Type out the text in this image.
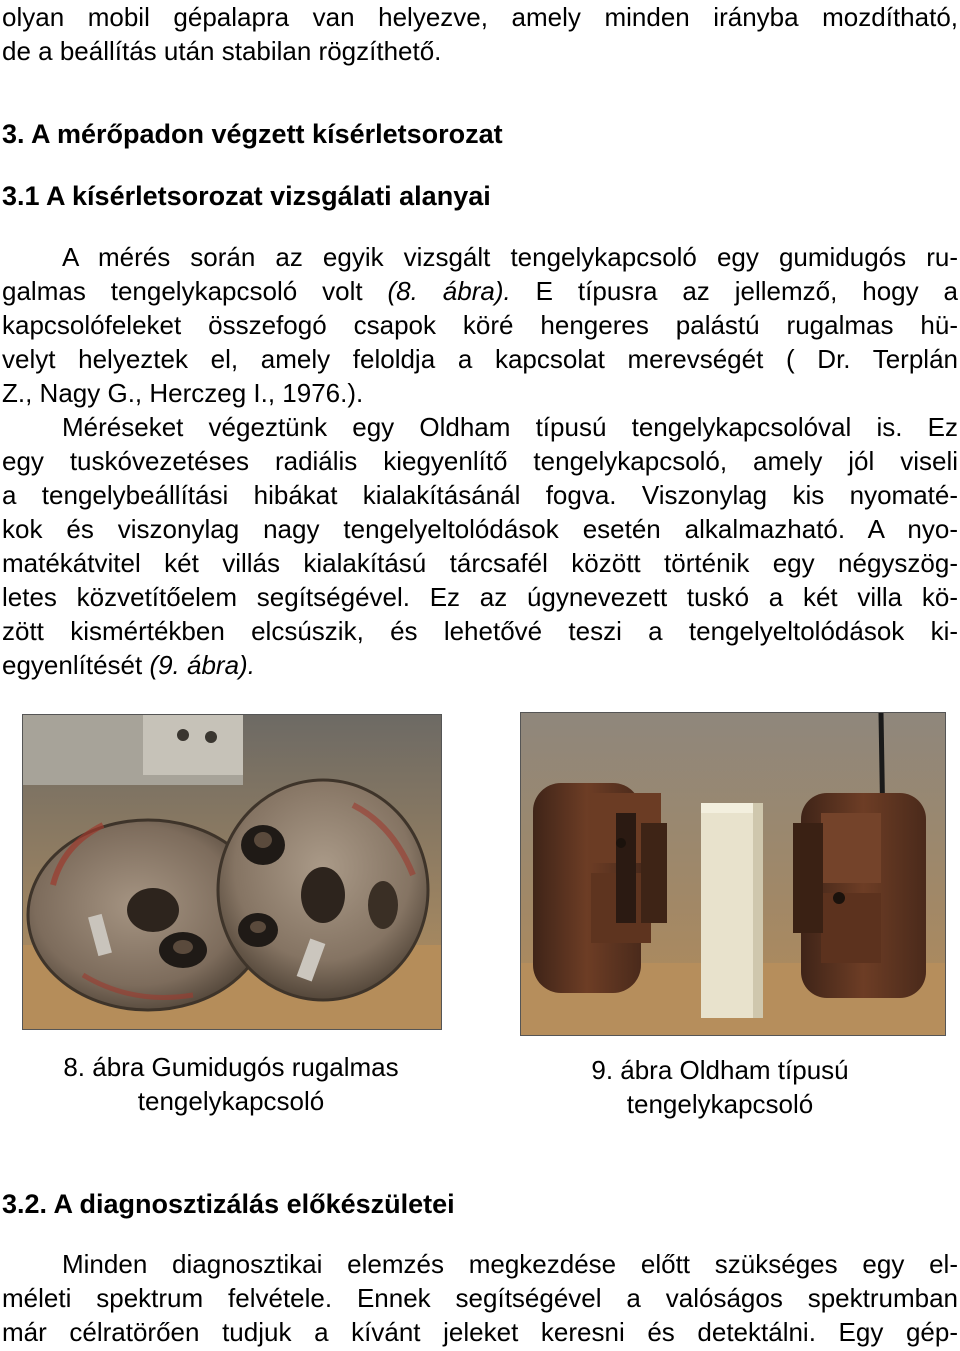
olyan mobil gépalapra van helyezve, amely minden irányba mozdítható,
de a beállítás után stabilan rögzíthető.
3. A mérőpadon végzett kísérletsorozat
3.1 A kísérletsorozat vizsgálati alanyai
A mérés során az egyik vizsgált tengelykapcsoló egy gumidugós ru-
galmas tengelykapcsoló volt (8. ábra). E típusra az jellemző, hogy a
kapcsolófeleket összefogó csapok köré hengeres palástú rugalmas hü-
velyt helyeztek el, amely feloldja a kapcsolat merevségét ( Dr. Terplán
Z., Nagy G., Herczeg I., 1976.).
Méréseket végeztünk egy Oldham típusú tengelykapcsolóval is. Ez
egy tuskóvezetéses radiális kiegyenlítő tengelykapcsoló, amely jól viseli
a tengelybeállítási hibákat kialakításánál fogva. Viszonylag kis nyomaté-
kok és viszonylag nagy tengelyeltolódások esetén alkalmazható. A nyo-
matékátvitel két villás kialakítású tárcsafél között történik egy négyszög-
letes közvetítőelem segítségével. Ez az úgynevezett tuskó a két villa kö-
zött kismértékben elcsúszik, és lehetővé teszi a tengelyeltolódások ki-
egyenlítését (9. ábra).
8. ábra Gumidugós rugalmas
tengelykapcsoló
9. ábra Oldham típusú
tengelykapcsoló
3.2. A diagnosztizálás előkészületei
Minden diagnosztikai elemzés megkezdése előtt szükséges egy el-
méleti spektrum felvétele. Ennek segítségével a valóságos spektrumban
már célratörően tudjuk a kívánt jeleket keresni és detektálni. Egy gép-
